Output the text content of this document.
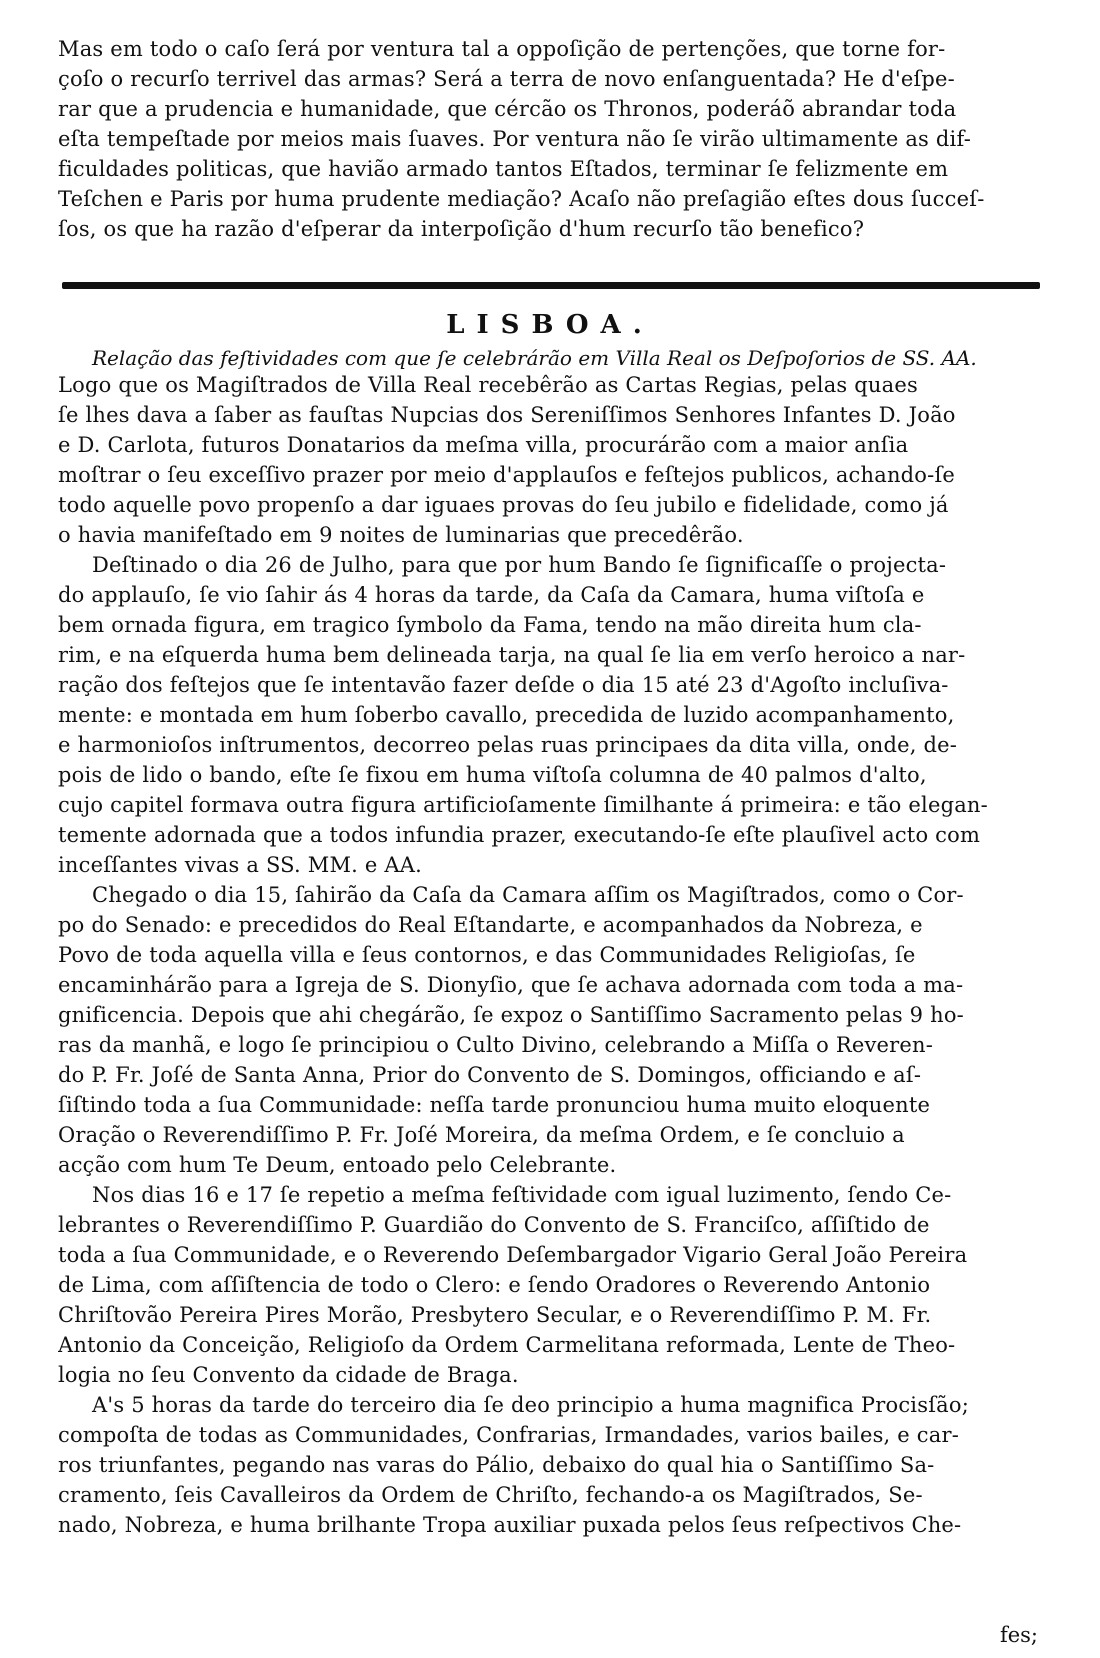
Mas em todo o caſo ſerá por ventura tal a oppoſição de pertenções, que torne for-
çoſo o recurſo terrivel das armas? Será a terra de novo enſanguentada? He d'eſpe-
rar que a prudencia e humanidade, que cércão os Thronos, poderáõ abrandar toda
eſta tempeſtade por meios mais ſuaves. Por ventura não ſe virão ultimamente as dif-
ficuldades politicas, que havião armado tantos Eſtados, terminar ſe felizmente em
Teſchen e Paris por huma prudente mediação? Acaſo não preſagião eſtes dous ſucceſ-
ſos, os que ha razão d'eſperar da interpoſição d'hum recurſo tão benefico?

LISBOA.
Relação das feſtividades com que ſe celebrárão em Villa Real os Deſpoſorios de SS. AA.

Logo que os Magiſtrados de Villa Real recebêrão as Cartas Regias, pelas quaes
ſe lhes dava a ſaber as fauſtas Nupcias dos Sereniſſimos Senhores Infantes D. João
e D. Carlota, futuros Donatarios da meſma villa, procurárão com a maior anſia
moſtrar o ſeu exceſſivo prazer por meio d'applauſos e feſtejos publicos, achando-ſe
todo aquelle povo propenſo a dar iguaes provas do ſeu jubilo e fidelidade, como já
o havia manifeſtado em 9 noites de luminarias que precedêrão.

Deſtinado o dia 26 de Julho, para que por hum Bando ſe ſignificaſſe o projecta-
do applauſo, ſe vio ſahir ás 4 horas da tarde, da Caſa da Camara, huma viſtoſa e
bem ornada figura, em tragico ſymbolo da Fama, tendo na mão direita hum cla-
rim, e na eſquerda huma bem delineada tarja, na qual ſe lia em verſo heroico a nar-
ração dos feſtejos que ſe intentavão fazer deſde o dia 15 até 23 d'Agoſto incluſiva-
mente: e montada em hum ſoberbo cavallo, precedida de luzido acompanhamento,
e harmonioſos inſtrumentos, decorreo pelas ruas principaes da dita villa, onde, de-
pois de lido o bando, eſte ſe fixou em huma viſtoſa columna de 40 palmos d'alto,
cujo capitel formava outra figura artificioſamente ſimilhante á primeira: e tão elegan-
temente adornada que a todos infundia prazer, executando-ſe eſte plauſivel acto com
inceſſantes vivas a SS. MM. e AA.

Chegado o dia 15, ſahirão da Caſa da Camara aſſim os Magiſtrados, como o Cor-
po do Senado: e precedidos do Real Eſtandarte, e acompanhados da Nobreza, e
Povo de toda aquella villa e ſeus contornos, e das Communidades Religioſas, ſe
encaminhárão para a Igreja de S. Dionyſio, que ſe achava adornada com toda a ma-
gnificencia. Depois que ahi chegárão, ſe expoz o Santiſſimo Sacramento pelas 9 ho-
ras da manhã, e logo ſe principiou o Culto Divino, celebrando a Miſſa o Reveren-
do P. Fr. Joſé de Santa Anna, Prior do Convento de S. Domingos, officiando e aſ-
ſiſtindo toda a ſua Communidade: neſſa tarde pronunciou huma muito eloquente
Oração o Reverendiſſimo P. Fr. Joſé Moreira, da meſma Ordem, e ſe concluio a
acção com hum Te Deum, entoado pelo Celebrante.

Nos dias 16 e 17 ſe repetio a meſma feſtividade com igual luzimento, ſendo Ce-
lebrantes o Reverendiſſimo P. Guardião do Convento de S. Franciſco, aſſiſtido de
toda a ſua Communidade, e o Reverendo Deſembargador Vigario Geral João Pereira
de Lima, com aſſiſtencia de todo o Clero: e ſendo Oradores o Reverendo Antonio
Chriſtovão Pereira Pires Morão, Presbytero Secular, e o Reverendiſſimo P. M. Fr.
Antonio da Conceição, Religioſo da Ordem Carmelitana reformada, Lente de Theo-
logia no ſeu Convento da cidade de Braga.

A's 5 horas da tarde do terceiro dia ſe deo principio a huma magnifica Procisſão;
compoſta de todas as Communidades, Confrarias, Irmandades, varios bailes, e car-
ros triunfantes, pegando nas varas do Pálio, debaixo do qual hia o Santiſſimo Sa-
cramento, ſeis Cavalleiros da Ordem de Chriſto, fechando-a os Magiſtrados, Se-
nado, Nobreza, e huma brilhante Tropa auxiliar puxada pelos ſeus reſpectivos Che-

fes;
